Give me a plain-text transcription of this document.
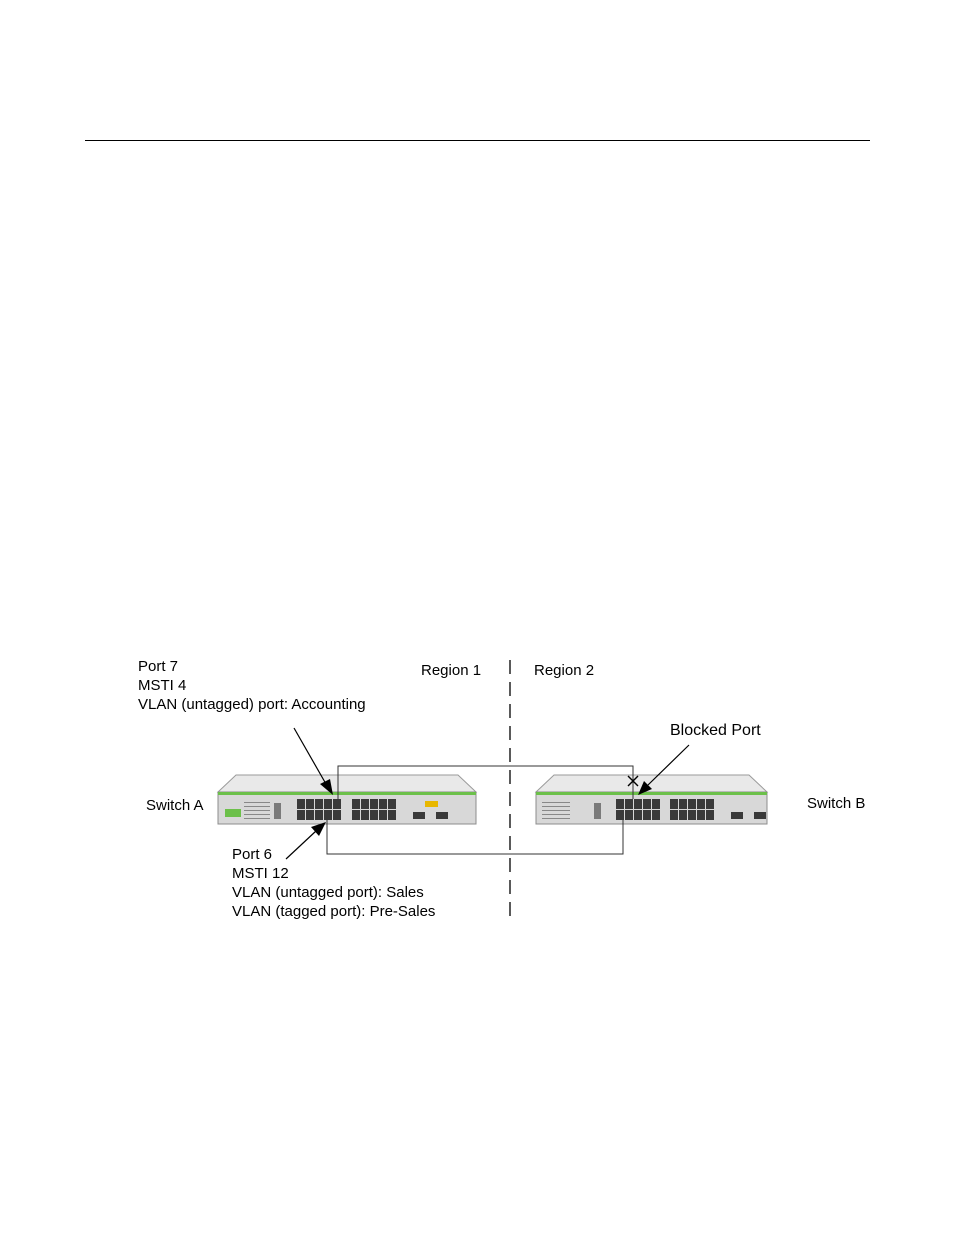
Port 7
MSTI 4
VLAN (untagged) port: Accounting
Region 1	Region 2
Blocked Port
Switch A	Switch B
Port 6
MSTI 12
VLAN (untagged port): Sales
VLAN (tagged port): Pre-Sales
